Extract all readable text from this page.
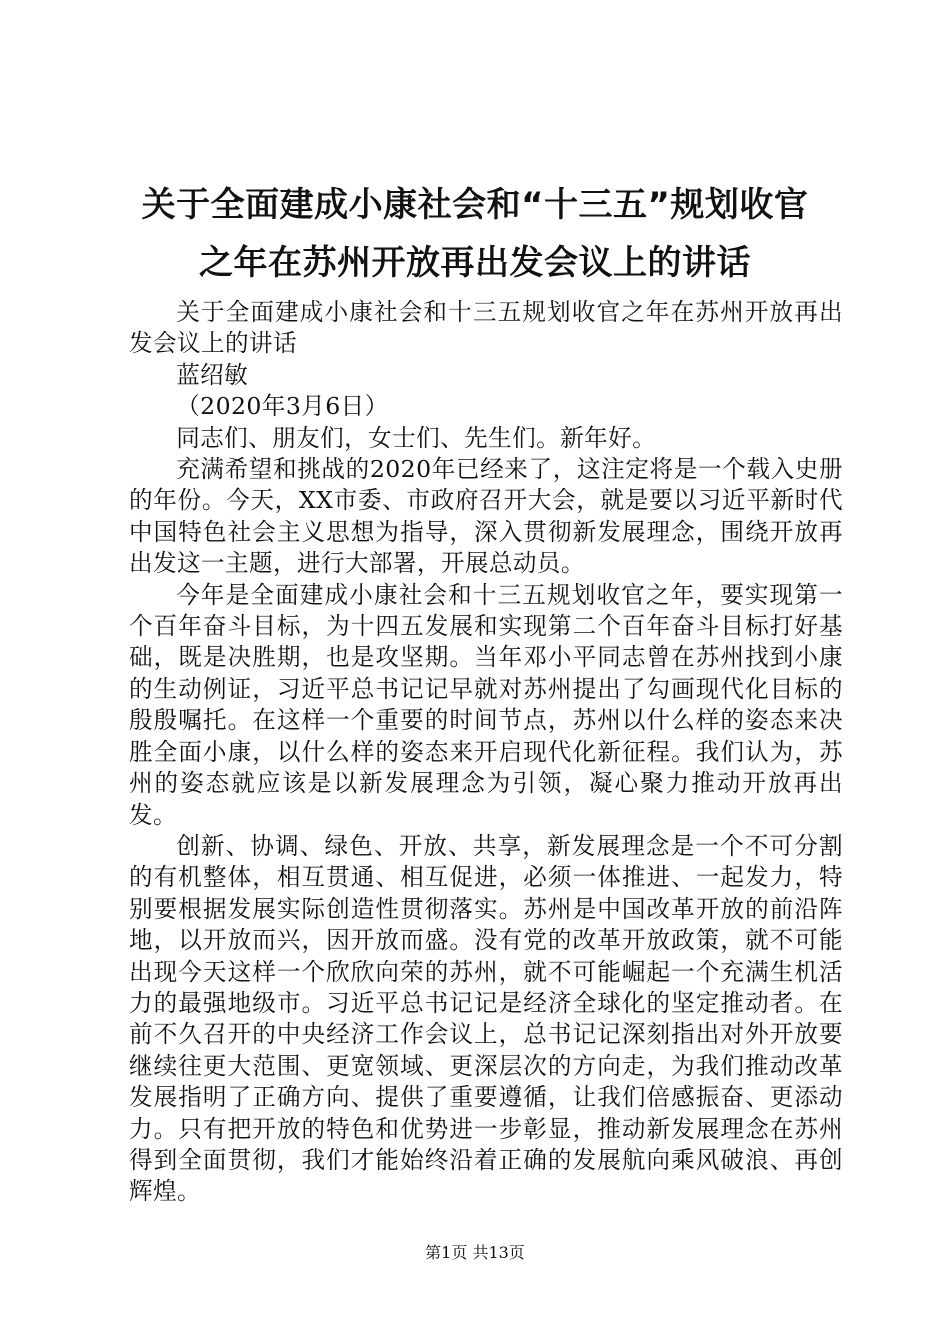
关于全面建成小康社会和“十三五”规划收官
之年在苏州开放再出发会议上的讲话

关于全面建成小康社会和十三五规划收官之年在苏州开放再出发会议上的讲话

蓝绍敏

（2020年3月6日）

同志们、朋友们，女士们、先生们。新年好。

充满希望和挑战的2020年已经来了，这注定将是一个载入史册的年份。今天，XX市委、市政府召开大会，就是要以习近平新时代中国特色社会主义思想为指导，深入贯彻新发展理念，围绕开放再出发这一主题，进行大部署，开展总动员。

今年是全面建成小康社会和十三五规划收官之年，要实现第一个百年奋斗目标，为十四五发展和实现第二个百年奋斗目标打好基础，既是决胜期，也是攻坚期。当年邓小平同志曾在苏州找到小康的生动例证，习近平总书记记早就对苏州提出了勾画现代化目标的殷殷嘱托。在这样一个重要的时间节点，苏州以什么样的姿态来决胜全面小康，以什么样的姿态来开启现代化新征程。我们认为，苏州的姿态就应该是以新发展理念为引领，凝心聚力推动开放再出发。

创新、协调、绿色、开放、共享，新发展理念是一个不可分割的有机整体，相互贯通、相互促进，必须一体推进、一起发力，特别要根据发展实际创造性贯彻落实。苏州是中国改革开放的前沿阵地，以开放而兴，因开放而盛。没有党的改革开放政策，就不可能出现今天这样一个欣欣向荣的苏州，就不可能崛起一个充满生机活力的最强地级市。习近平总书记记是经济全球化的坚定推动者。在前不久召开的中央经济工作会议上，总书记记深刻指出对外开放要继续往更大范围、更宽领域、更深层次的方向走，为我们推动改革发展指明了正确方向、提供了重要遵循，让我们倍感振奋、更添动力。只有把开放的特色和优势进一步彰显，推动新发展理念在苏州得到全面贯彻，我们才能始终沿着正确的发展航向乘风破浪、再创辉煌。

第1页 共13页
